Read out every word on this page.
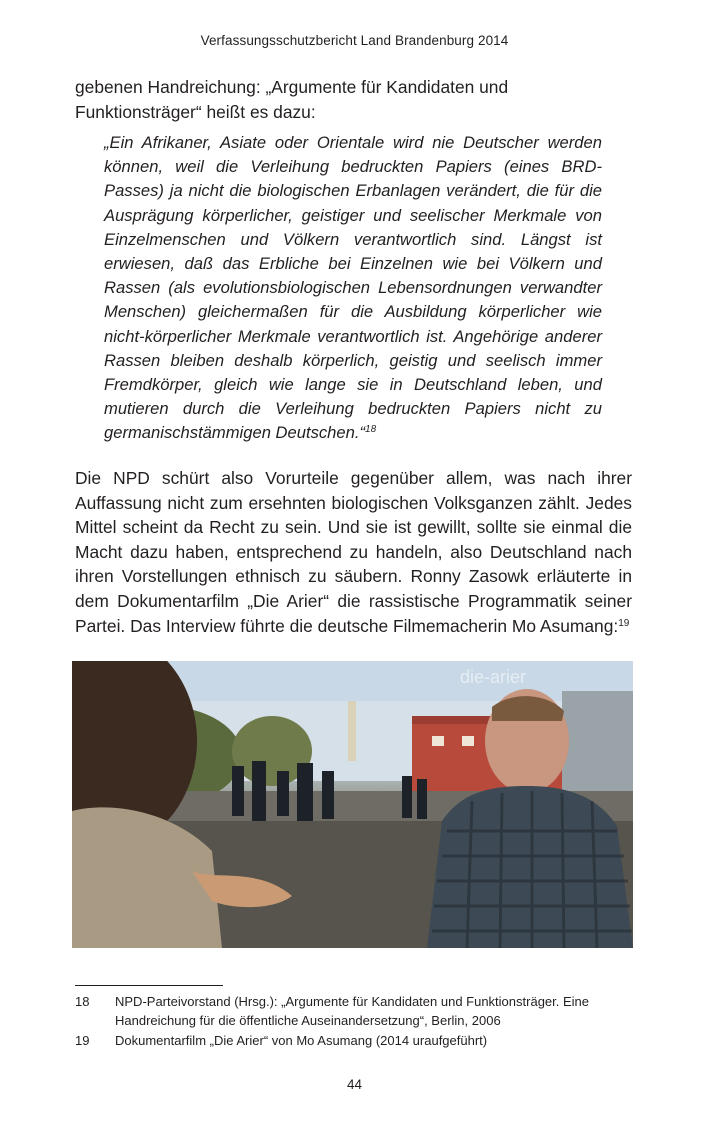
Verfassungsschutzbericht Land Brandenburg 2014
gebenen Handreichung: „Argumente für Kandidaten und Funktionsträger“ heißt es dazu:
„Ein Afrikaner, Asiate oder Orientale wird nie Deutscher werden können, weil die Verleihung bedruckten Papiers (eines BRD-Passes) ja nicht die biologischen Erbanlagen verändert, die für die Ausprägung körperlicher, geistiger und seelischer Merkmale von Einzelmenschen und Völkern verantwortlich sind. Längst ist erwiesen, daß das Erbliche bei Einzelnen wie bei Völkern und Rassen (als evolutionsbiologischen Lebensordnungen verwandter Menschen) gleichermaßen für die Ausbildung körperlicher wie nicht-körperlicher Merkmale verantwortlich ist. Angehörige anderer Rassen bleiben deshalb körperlich, geistig und seelisch immer Fremdkörper, gleich wie lange sie in Deutschland leben, und mutieren durch die Verleihung bedruckten Papiers nicht zu germanischstämmigen Deutschen.“$^{18}$
Die NPD schürt also Vorurteile gegenüber allem, was nach ihrer Auffassung nicht zum ersehnten biologischen Volksganzen zählt. Jedes Mittel scheint da Recht zu sein. Und sie ist gewillt, sollte sie einmal die Macht dazu haben, entsprechend zu handeln, also Deutschland nach ihren Vorstellungen ethnisch zu säubern. Ronny Zasowk erläuterte in dem Dokumentarfilm „Die Arier“ die rassistische Programmatik seiner Partei. Das Interview führte die deutsche Filmemacherin Mo Asumang:$^{19}$
die-arier
18	NPD-Parteivorstand (Hrsg.): „Argumente für Kandidaten und Funktionsträger. Eine Handreichung für die öffentliche Auseinandersetzung“, Berlin, 2006
19	Dokumentarfilm „Die Arier“ von Mo Asumang (2014 uraufgeführt)
44
